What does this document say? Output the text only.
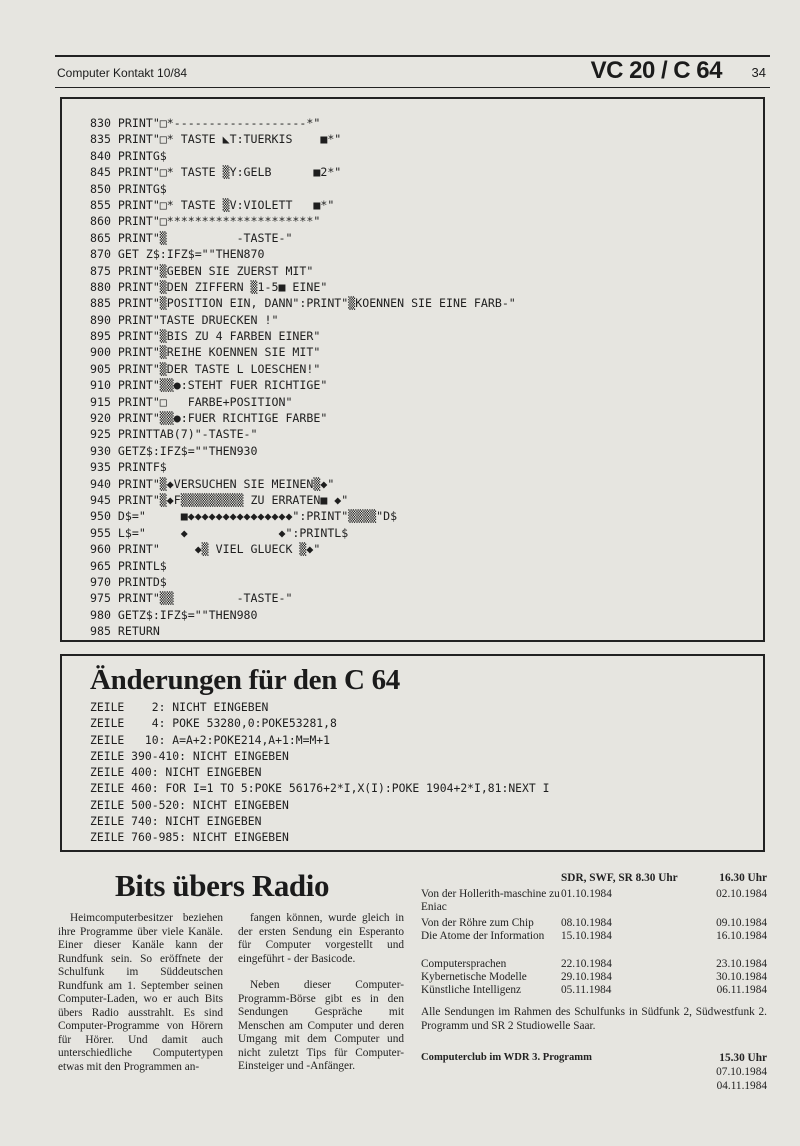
Computer Kontakt 10/84	VC 20 / C 64 34
830 PRINT"□*-------------------*"
835 PRINT"□* TASTE ◣T:TUERKIS    ■*"
840 PRINTG$
845 PRINT"□* TASTE ▒Y:GELB      ■2*"
850 PRINTG$
855 PRINT"□* TASTE ▒V:VIOLETT   ■*"
860 PRINT"□*********************"
865 PRINT"▒          -TASTE-"
870 GET Z$:IFZ$=""THEN870
875 PRINT"▒GEBEN SIE ZUERST MIT"
880 PRINT"▒DEN ZIFFERN ▒1-5■ EINE"
885 PRINT"▒POSITION EIN, DANN":PRINT"▒KOENNEN SIE EINE FARB-"
890 PRINT"TASTE DRUECKEN !"
895 PRINT"▒BIS ZU 4 FARBEN EINER"
900 PRINT"▒REIHE KOENNEN SIE MIT"
905 PRINT"▒DER TASTE L LOESCHEN!"
910 PRINT"▒▒●:STEHT FUER RICHTIGE"
915 PRINT"□   FARBE+POSITION"
920 PRINT"▒▒●:FUER RICHTIGE FARBE"
925 PRINTTAB(7)"-TASTE-"
930 GETZ$:IFZ$=""THEN930
935 PRINTF$
940 PRINT"▒◆VERSUCHEN SIE MEINEN▒◆"
945 PRINT"▒◆F▒▒▒▒▒▒▒▒▒ ZU ERRATEN■ ◆"
950 D$="     ■◆◆◆◆◆◆◆◆◆◆◆◆◆◆◆":PRINT"▒▒▒▒"D$
955 L$="     ◆             ◆":PRINTL$
960 PRINT"     ◆▒ VIEL GLUECK ▒◆"
965 PRINTL$
970 PRINTD$
975 PRINT"▒▒         -TASTE-"
980 GETZ$:IFZ$=""THEN980
985 RETURN
Änderungen für den C 64
ZEILE    2: NICHT EINGEBEN
ZEILE    4: POKE 53280,0:POKE53281,8
ZEILE   10: A=A+2:POKE214,A+1:M=M+1
ZEILE 390-410: NICHT EINGEBEN
ZEILE 400: NICHT EINGEBEN
ZEILE 460: FOR I=1 TO 5:POKE 56176+2*I,X(I):POKE 1904+2*I,81:NEXT I
ZEILE 500-520: NICHT EINGEBEN
ZEILE 740: NICHT EINGEBEN
ZEILE 760-985: NICHT EINGEBEN
Bits übers Radio

Heimcomputerbesitzer beziehen ihre Programme über viele Kanäle. Einer dieser Kanäle kann der Rundfunk sein. So eröffnete der Schulfunk im Süddeutschen Rundfunk am 1. September seinen Computer-Laden, wo er auch Bits übers Radio ausstrahlt. Es sind Computer-Programme von Hörern für Hörer. Und damit auch unterschiedliche Computertypen etwas mit den Programmen an-

fangen können, wurde gleich in der ersten Sendung ein Esperanto für Computer vorgestellt und eingeführt - der Basicode.

Neben dieser Computer-Programm-Börse gibt es in den Sendungen Gespräche mit Menschen am Computer und deren Umgang mit dem Computer und nicht zuletzt Tips für Computer-Einsteiger und -Anfänger.

SDR, SWF, SR 8.30 Uhr	16.30 Uhr
Von der Hollerith-maschine zu Eniac
01.10.1984	02.10.1984
Von der Röhre zum Chip	08.10.1984	09.10.1984
Die Atome der Information	15.10.1984	16.10.1984
Computersprachen	22.10.1984	23.10.1984
Kybernetische Modelle	29.10.1984	30.10.1984
Künstliche Intelligenz	05.11.1984	06.11.1984
Alle Sendungen im Rahmen des Schulfunks in Südfunk 2, Südwestfunk 2. Programm und SR 2 Studiowelle Saar.
Computerclub im WDR 3. Programm	15.30 Uhr
07.10.1984
04.11.1984
